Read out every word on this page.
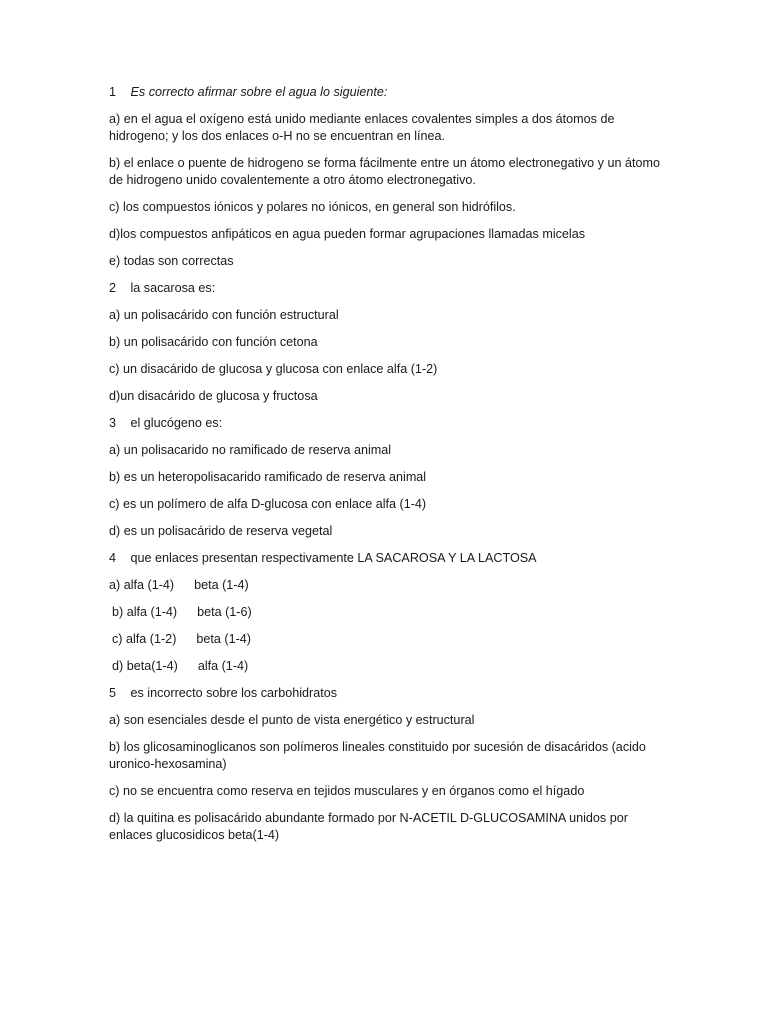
1 Es correcto afirmar sobre el agua lo siguiente:
a) en el agua el oxígeno está unido mediante enlaces covalentes simples a dos átomos de hidrogeno; y los dos enlaces o-H no se encuentran en línea.
b) el enlace o puente de hidrogeno se forma fácilmente entre un átomo electronegativo y un átomo de hidrogeno unido covalentemente a otro átomo electronegativo.
c) los compuestos iónicos y polares no iónicos, en general son hidrófilos.
d)los compuestos anfipáticos en agua pueden formar agrupaciones llamadas micelas
e) todas son correctas
2 la sacarosa es:
a) un polisacárido con función estructural
b) un polisacárido con función cetona
c) un disacárido de glucosa y glucosa con enlace alfa (1-2)
d)un disacárido de glucosa y fructosa
3 el glucógeno es:
a) un polisacarido no ramificado de reserva animal
b) es un heteropolisacarido ramificado de reserva animal
c) es un polímero de alfa D-glucosa con enlace alfa (1-4)
d) es un polisacárido de reserva vegetal
4 que enlaces presentan respectivamente LA SACAROSA Y LA LACTOSA
a) alfa (1-4) beta (1-4)
b) alfa (1-4) beta (1-6)
c) alfa (1-2) beta (1-4)
d) beta(1-4) alfa (1-4)
5 es incorrecto sobre los carbohidratos
a) son esenciales desde el punto de vista energético y estructural
b) los glicosaminoglicanos son polímeros lineales constituido por sucesión de disacáridos (acido uronico-hexosamina)
c) no se encuentra como reserva en tejidos musculares y en órganos como el hígado
d) la quitina es polisacárido abundante formado por N-ACETIL D-GLUCOSAMINA unidos por enlaces glucosidicos beta(1-4)
